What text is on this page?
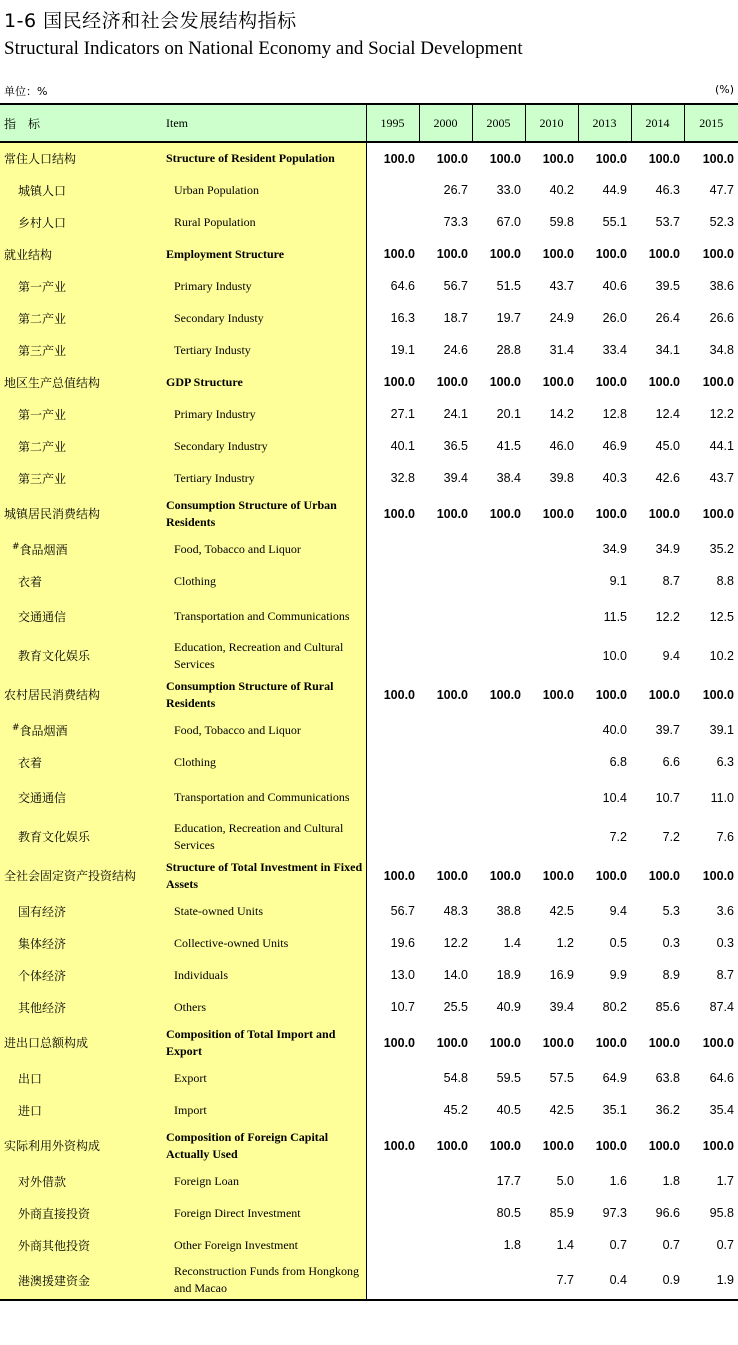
1-6 国民经济和社会发展结构指标
Structural Indicators on National Economy and Social Development
单位：%	(%)
指　标	Item	1995	2000	2005	2010	2013	2014	2015
常住人口结构	Structure of Resident Population	100.0	100.0	100.0	100.0	100.0	100.0	100.0
城镇人口	Urban Population		26.7	33.0	40.2	44.9	46.3	47.7
乡村人口	Rural Population		73.3	67.0	59.8	55.1	53.7	52.3
就业结构	Employment Structure	100.0	100.0	100.0	100.0	100.0	100.0	100.0
第一产业	Primary Industy	64.6	56.7	51.5	43.7	40.6	39.5	38.6
第二产业	Secondary Industy	16.3	18.7	19.7	24.9	26.0	26.4	26.6
第三产业	Tertiary Industy	19.1	24.6	28.8	31.4	33.4	34.1	34.8
地区生产总值结构	GDP Structure	100.0	100.0	100.0	100.0	100.0	100.0	100.0
第一产业	Primary Industry	27.1	24.1	20.1	14.2	12.8	12.4	12.2
第二产业	Secondary Industry	40.1	36.5	41.5	46.0	46.9	45.0	44.1
第三产业	Tertiary Industry	32.8	39.4	38.4	39.8	40.3	42.6	43.7
城镇居民消费结构	Consumption Structure of Urban Residents	100.0	100.0	100.0	100.0	100.0	100.0	100.0
#食品烟酒	Food, Tobacco and Liquor					34.9	34.9	35.2
衣着	Clothing					9.1	8.7	8.8
交通通信	Transportation and Communications					11.5	12.2	12.5
教育文化娱乐	Education, Recreation and Cultural Services					10.0	9.4	10.2
农村居民消费结构	Consumption Structure of Rural Residents	100.0	100.0	100.0	100.0	100.0	100.0	100.0
#食品烟酒	Food, Tobacco and Liquor					40.0	39.7	39.1
衣着	Clothing					6.8	6.6	6.3
交通通信	Transportation and Communications					10.4	10.7	11.0
教育文化娱乐	Education, Recreation and Cultural Services					7.2	7.2	7.6
全社会固定资产投资结构	Structure of Total Investment in Fixed Assets	100.0	100.0	100.0	100.0	100.0	100.0	100.0
国有经济	State-owned Units	56.7	48.3	38.8	42.5	9.4	5.3	3.6
集体经济	Collective-owned Units	19.6	12.2	1.4	1.2	0.5	0.3	0.3
个体经济	Individuals	13.0	14.0	18.9	16.9	9.9	8.9	8.7
其他经济	Others	10.7	25.5	40.9	39.4	80.2	85.6	87.4
进出口总额构成	Composition of Total Import and Export	100.0	100.0	100.0	100.0	100.0	100.0	100.0
出口	Export		54.8	59.5	57.5	64.9	63.8	64.6
进口	Import		45.2	40.5	42.5	35.1	36.2	35.4
实际利用外资构成	Composition of Foreign Capital Actually Used	100.0	100.0	100.0	100.0	100.0	100.0	100.0
对外借款	Foreign Loan			17.7	5.0	1.6	1.8	1.7
外商直接投资	Foreign Direct Investment			80.5	85.9	97.3	96.6	95.8
外商其他投资	Other Foreign Investment			1.8	1.4	0.7	0.7	0.7
港澳援建资金	Reconstruction Funds from Hongkong and Macao				7.7	0.4	0.9	1.9
